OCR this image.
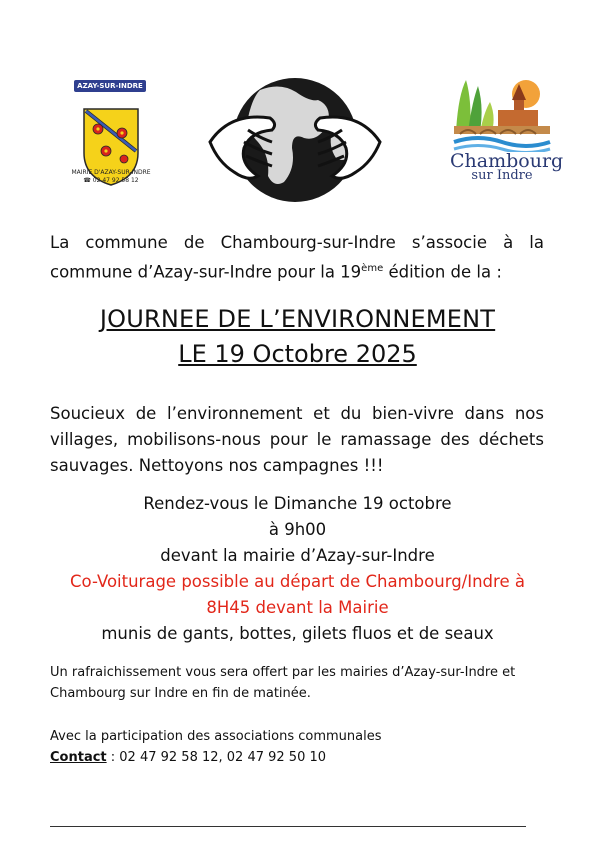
AZAY-SUR-INDRE
MAIRIE D'AZAY-SUR-INDRE
☎ 02 47 92 58 12
Chambourg
sur Indre
La commune de Chambourg-sur-Indre s’associe à la commune d’Azay-sur-Indre pour la 19ème édition de la :
JOURNEE DE L’ENVIRONNEMENT
LE 19 Octobre 2025
Soucieux de l’environnement et du bien-vivre dans nos villages, mobilisons-nous pour le ramassage des déchets sauvages. Nettoyons nos campagnes !!!
Rendez-vous le Dimanche 19 octobre
à 9h00
devant la mairie d’Azay-sur-Indre
Co-Voiturage possible au départ de Chambourg/Indre à
8H45 devant la Mairie
munis de gants, bottes, gilets fluos et de seaux
Un rafraichissement vous sera offert par les mairies d’Azay-sur-Indre et Chambourg sur Indre en fin de matinée.
Avec la participation des associations communales
Contact : 02 47 92 58 12, 02 47 92 50 10
